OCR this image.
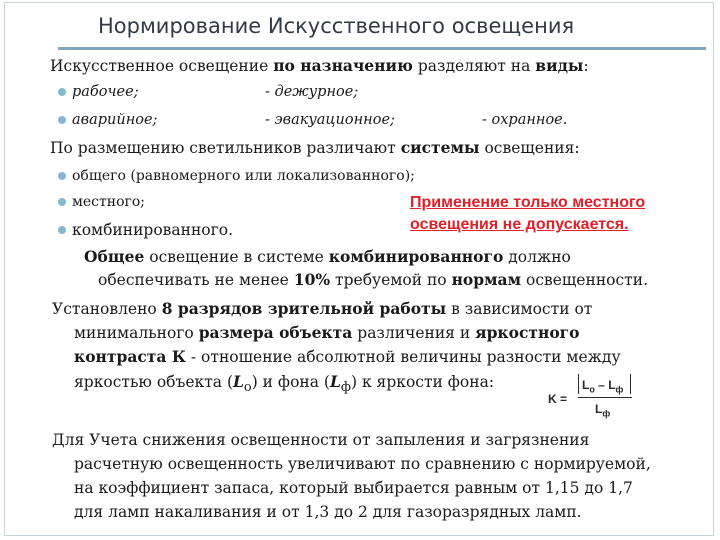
Нормирование Искусственного освещения
Искусственное освещение по назначению разделяют на виды:
рабочее;	- дежурное;
аварийное;	- эвакуационное;	- охранное.
По размещению светильников различают системы освещения:
общего (равномерного или локализованного);
местного;
комбинированного.
Применение только местного
освещения не допускается.
Общее освещение в системе комбинированного должно
обеспечивать не менее 10% требуемой по нормам освещенности.
Установлено 8 разрядов зрительной работы в зависимости от
минимального размера объекта различения и яркостного
контраста К - отношение абсолютной величины разности между
яркостью объекта $(L_о)$ и фона $(L_ф)$ к яркости фона:
K =
$L_o - L_ф$
$L_ф$
Для Учета снижения освещенности от запыления и загрязнения
расчетную освещенность увеличивают по сравнению с нормируемой,
на коэффициент запаса, который выбирается равным от 1,15 до 1,7
для ламп накаливания и от 1,3 до 2 для газоразрядных ламп.
